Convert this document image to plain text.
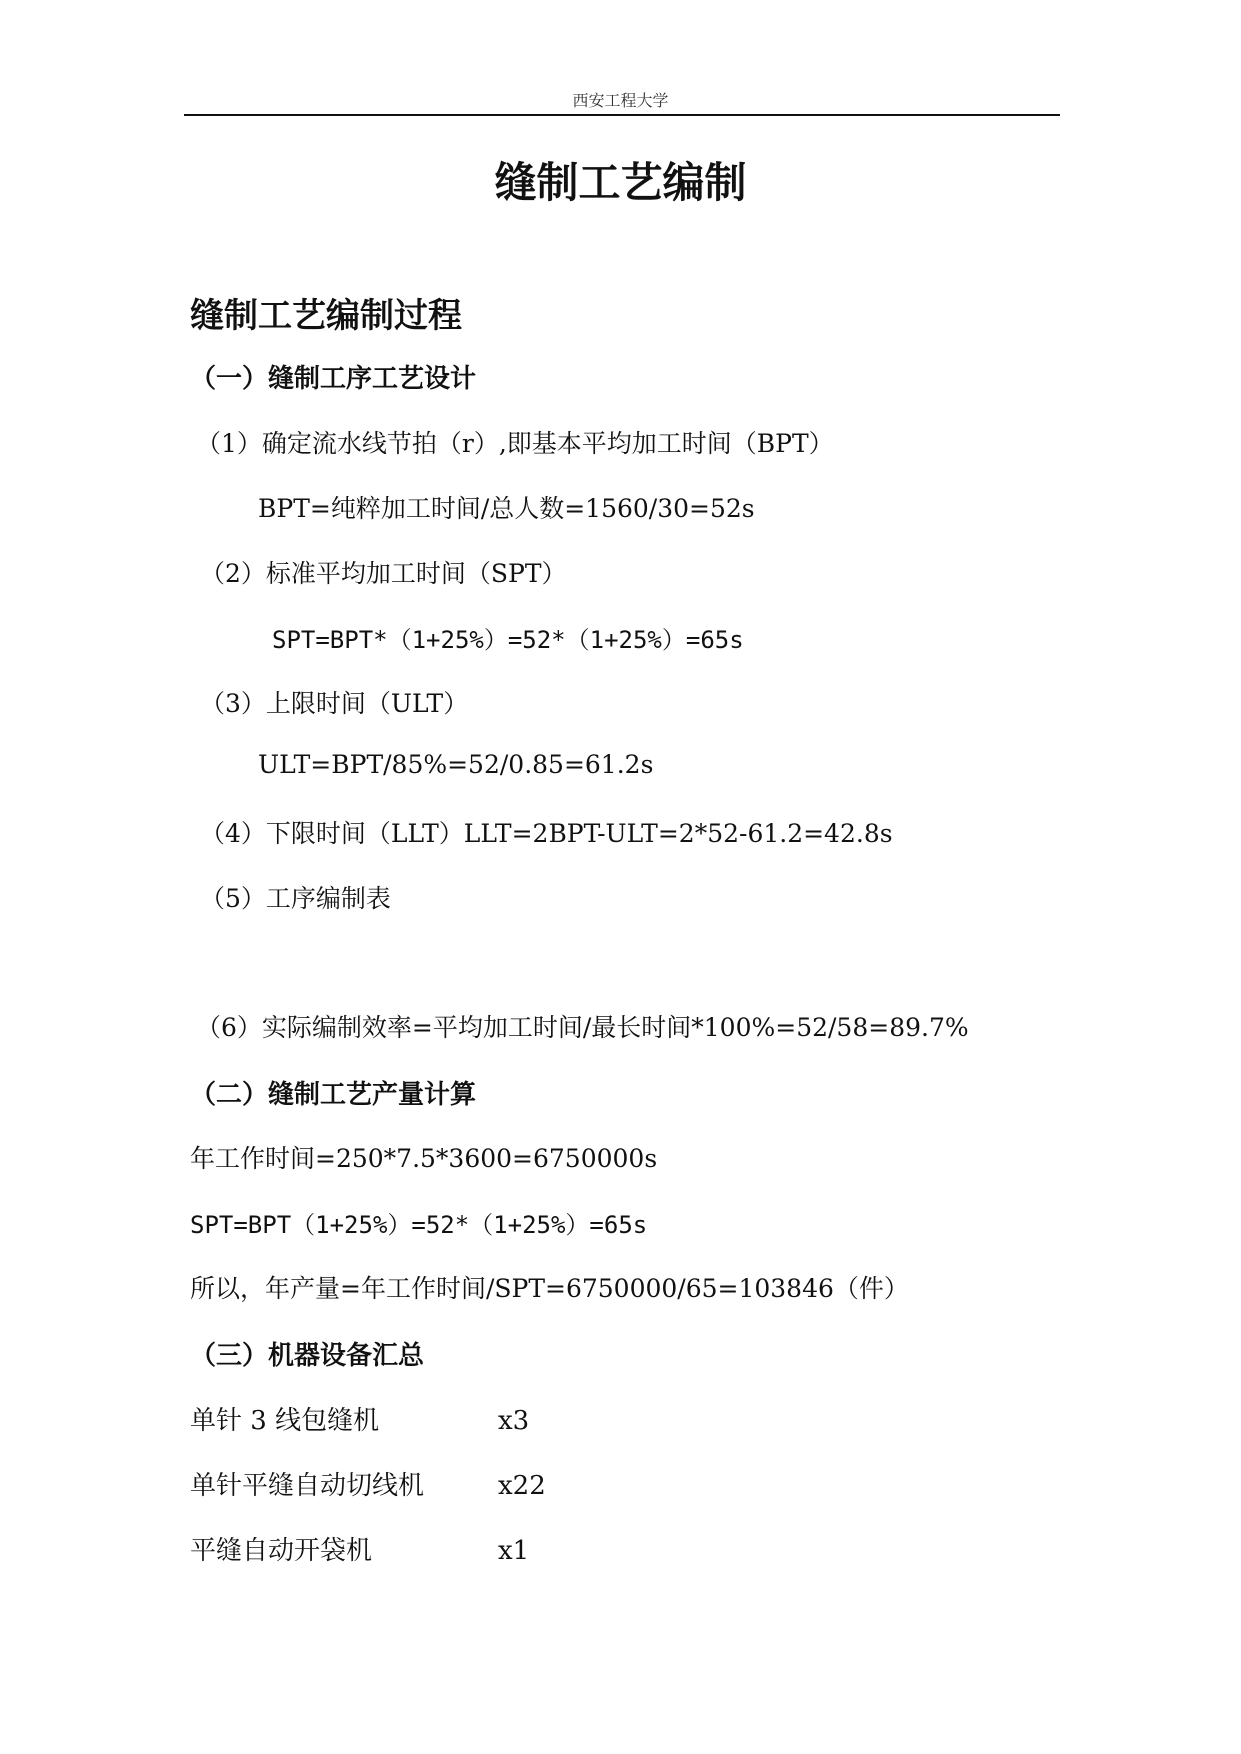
西安工程大学
缝制工艺编制
缝制工艺编制过程
（一）缝制工序工艺设计
（1）确定流水线节拍（r）,即基本平均加工时间（BPT）
BPT=纯粹加工时间/总人数=1560/30=52s
（2）标准平均加工时间（SPT）
SPT=BPT*（1+25%）=52*（1+25%）=65s
（3）上限时间（ULT）
ULT=BPT/85%=52/0.85=61.2s
（4）下限时间（LLT）LLT=2BPT-ULT=2*52-61.2=42.8s
（5）工序编制表
（6）实际编制效率=平均加工时间/最长时间*100%=52/58=89.7%
（二）缝制工艺产量计算
年工作时间=250*7.5*3600=6750000s
SPT=BPT（1+25%）=52*（1+25%）=65s
所以，年产量=年工作时间/SPT=6750000/65=103846（件）
（三）机器设备汇总
单针 3 线包缝机	x3
单针平缝自动切线机	x22
平缝自动开袋机	x1
